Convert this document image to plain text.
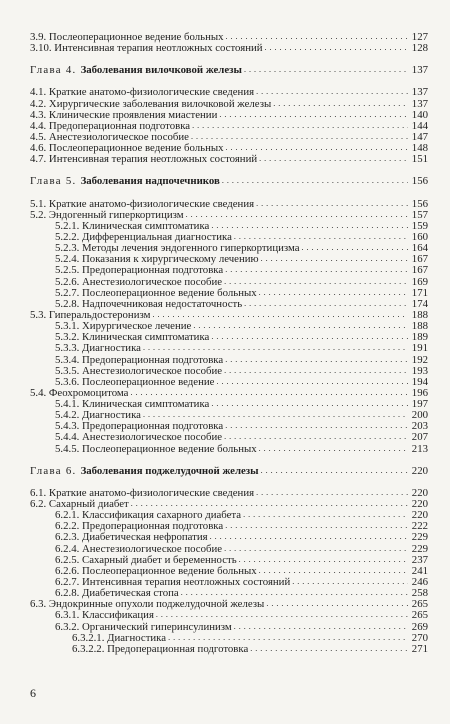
3.9. Послеоперационное ведение больных . . .	127
3.10. Интенсивная терапия неотложных состояний . . .	128
Глава 4. Заболевания вилочковой железы . . .	137
4.1. Краткие анатомо-физиологические сведения . . .	137
4.2. Хирургические заболевания вилочковой железы . . .	137
4.3. Клинические проявления миастении . . .	140
4.4. Предоперационная подготовка . . .	144
4.5. Анестезиологическое пособие . . .	147
4.6. Послеоперационное ведение больных . . .	148
4.7. Интенсивная терапия неотложных состояний . . .	151
Глава 5. Заболевания надпочечников . . .	156
5.1. Краткие анатомо-физиологические сведения . . .	156
5.2. Эндогенный гиперкортицизм . . .	157
5.2.1. Клиническая симптоматика . . .	159
5.2.2. Дифференциальная диагностика . . .	160
5.2.3. Методы лечения эндогенного гиперкортицизма . . .	164
5.2.4. Показания к хирургическому лечению . . .	167
5.2.5. Предоперационная подготовка . . .	167
5.2.6. Анестезиологическое пособие . . .	169
5.2.7. Послеоперационное ведение больных . . .	171
5.2.8. Надпочечниковая недостаточность . . .	174
5.3. Гиперальдостеронизм . . .	188
5.3.1. Хирургическое лечение . . .	188
5.3.2. Клиническая симптоматика . . .	189
5.3.3. Диагностика . . .	191
5.3.4. Предоперационная подготовка . . .	192
5.3.5. Анестезиологическое пособие . . .	193
5.3.6. Послеоперационное ведение . . .	194
5.4. Феохромоцитома . . .	196
5.4.1. Клиническая симптоматика . . .	197
5.4.2. Диагностика . . .	200
5.4.3. Предоперационная подготовка . . .	203
5.4.4. Анестезиологическое пособие . . .	207
5.4.5. Послеоперационное ведение больных . . .	213
Глава 6. Заболевания поджелудочной железы . . .	220
6.1. Краткие анатомо-физиологические сведения . . .	220
6.2. Сахарный диабет . . .	220
6.2.1. Классификация сахарного диабета . . .	220
6.2.2. Предоперационная подготовка . . .	222
6.2.3. Диабетическая нефропатия . . .	229
6.2.4. Анестезиологическое пособие . . .	229
6.2.5. Сахарный диабет и беременность . . .	237
6.2.6. Послеоперационное ведение больных . . .	241
6.2.7. Интенсивная терапия неотложных состояний . . .	246
6.2.8. Диабетическая стопа . . .	258
6.3. Эндокринные опухоли поджелудочной железы . . .	265
6.3.1. Классификация . . .	265
6.3.2. Органический гиперинсулинизм . . .	269
6.3.2.1. Диагностика . . .	270
6.3.2.2. Предоперационная подготовка . . .	271
6
